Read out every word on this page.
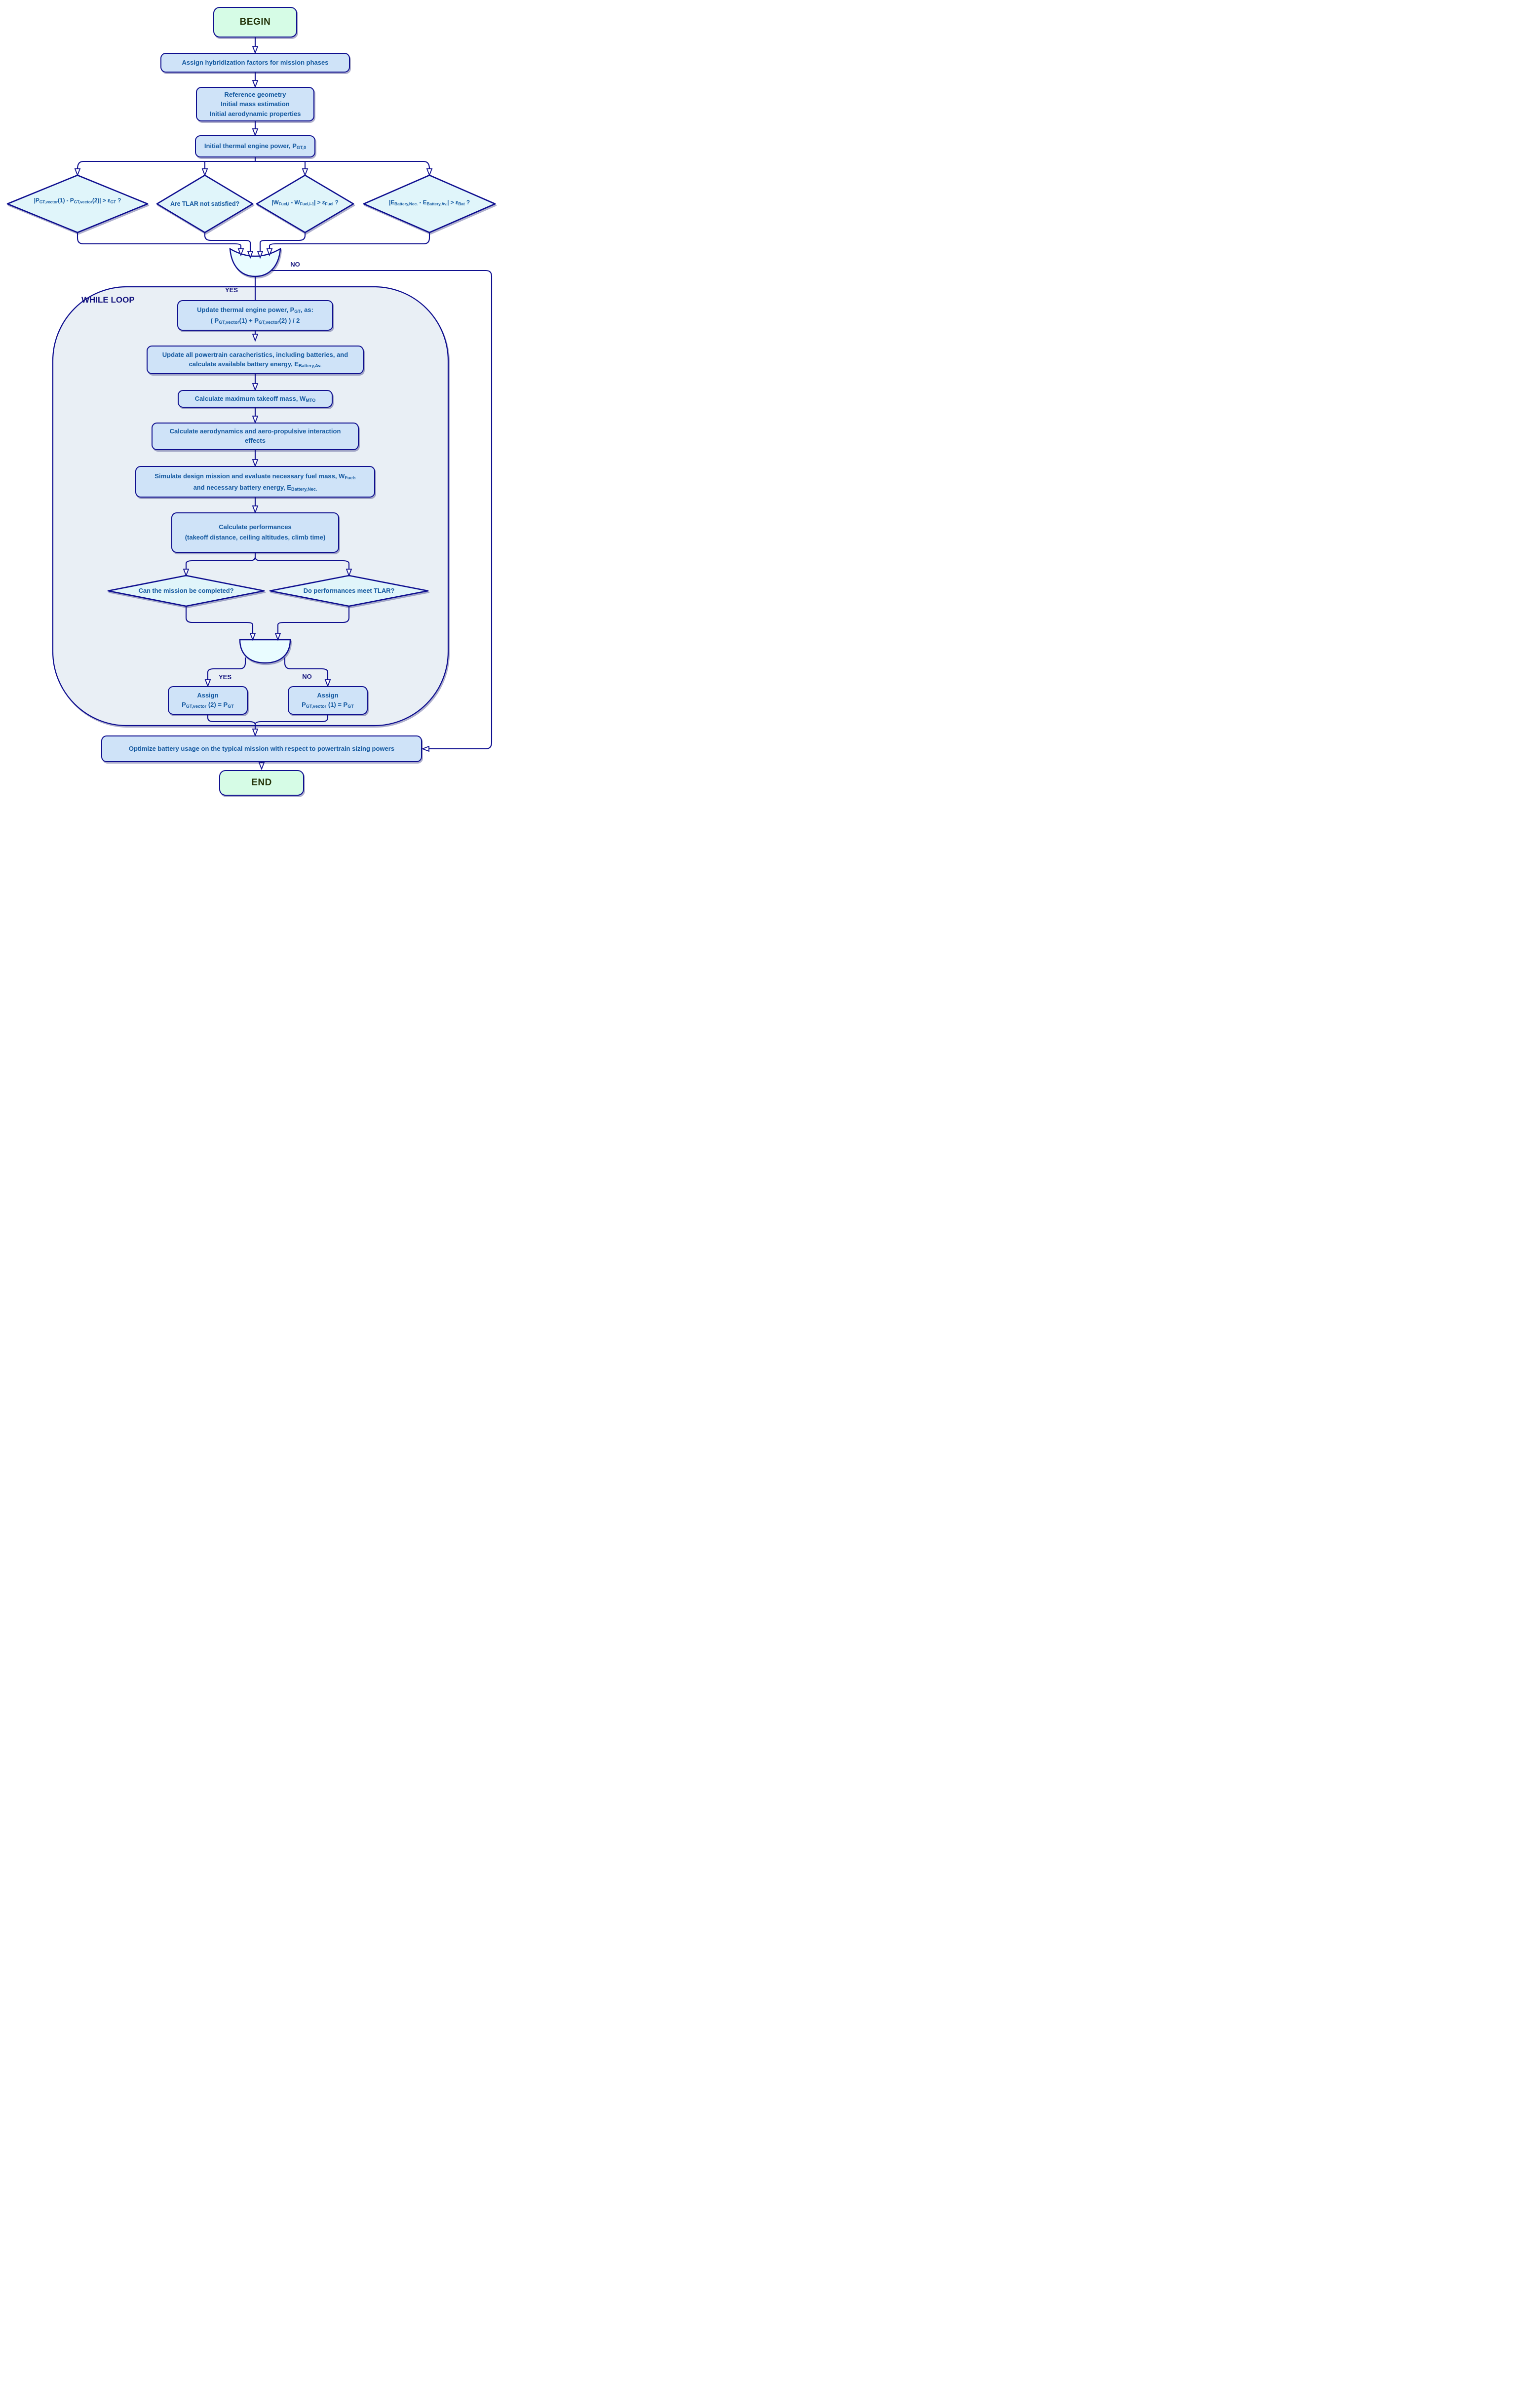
BEGIN
Assign hybridization factors for mission phases
Reference geometry
Initial mass estimation
Initial aerodynamic properties
Initial thermal engine power, $P_{GT,0}$
$|P_{GT,vector}(1) - P_{GT,vector}(2)| > \varepsilon_{GT}$ ?	Are TLAR not satisfied?	$|W_{Fuel,i} - W_{Fuel,i-1}| > \varepsilon_{Fuel}$ ?	$|E_{Battery,Nec.} - E_{Battery,Av.}| > \varepsilon_{Bat}$ ?
NO
YES
WHILE LOOP
Update thermal engine power, $P_{GT}$, as:
( $P_{GT,vector}(1) + P_{GT,vector}(2)$ ) / 2
Update all powertrain caracheristics, including batteries, and
calculate available battery energy, $E_{Battery,Av.}$
Calculate maximum takeoff mass, $W_{MTO}$
Calculate aerodynamics and aero-propulsive interaction
effects
Simulate design mission and evaluate necessary fuel mass, $W_{Fuel}$,
and necessary battery energy, $E_{Battery,Nec.}$
Calculate performances
(takeoff distance, ceiling altitudes, climb time)
Can the mission be completed?	Do performances meet TLAR?
YES	NO
Assign
$P_{GT,vector}$ $(2) = P_{GT}$
Assign
$P_{GT,vector}$ $(1) = P_{GT}$
Optimize battery usage on the typical mission with respect to powertrain sizing powers
END
